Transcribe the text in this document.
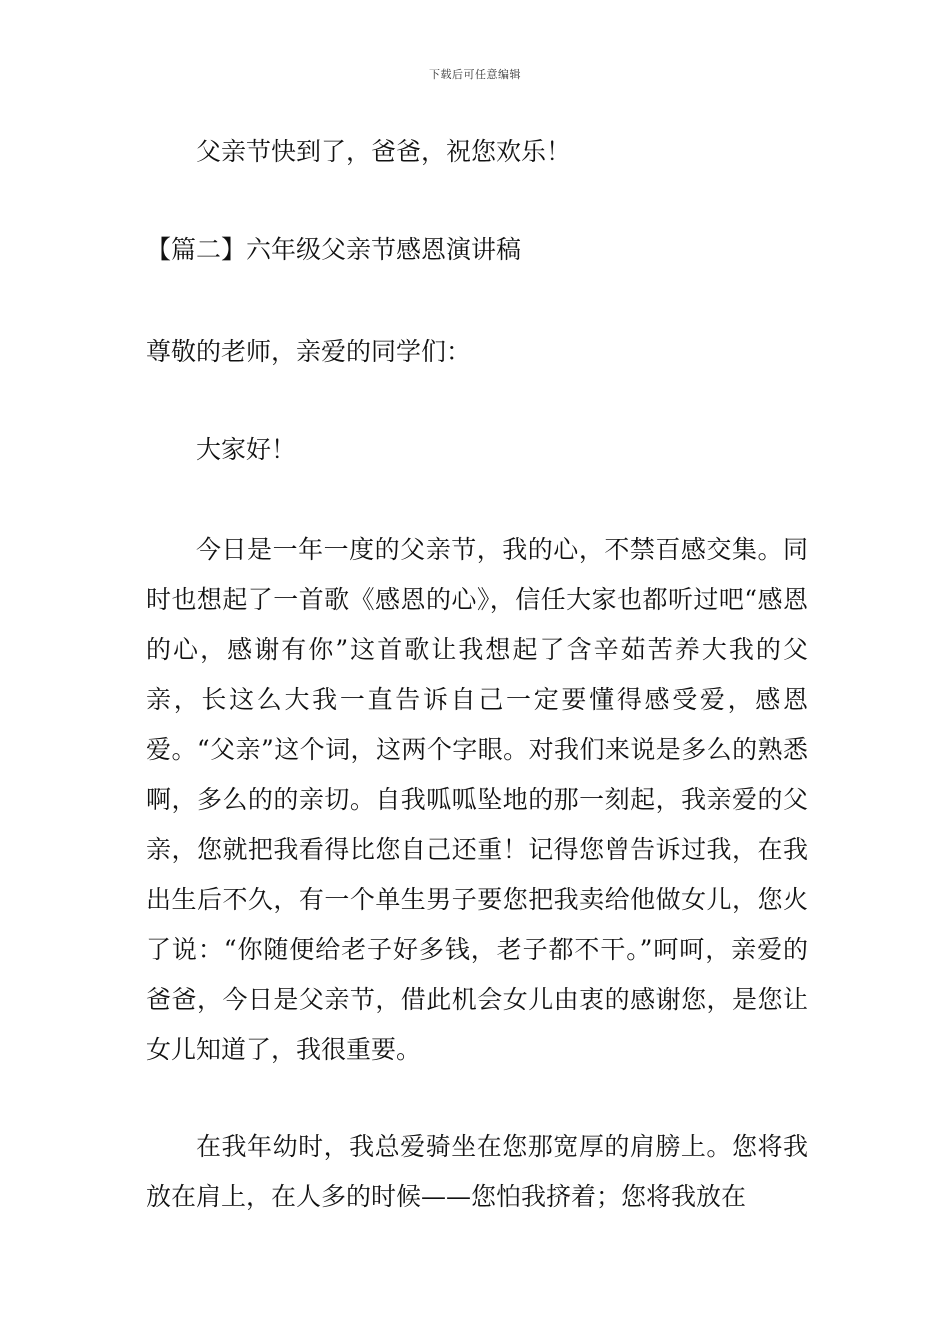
下载后可任意编辑

父亲节快到了，爸爸，祝您欢乐！

【篇二】六年级父亲节感恩演讲稿

尊敬的老师，亲爱的同学们：

大家好！

今日是一年一度的父亲节，我的心，不禁百感交集。同时也想起了一首歌《感恩的心》，信任大家也都听过吧“感恩的心，感谢有你”这首歌让我想起了含辛茹苦养大我的父亲，长这么大我一直告诉自己一定要懂得感受爱，感恩爱。“父亲”这个词，这两个字眼。对我们来说是多么的熟悉啊，多么的的亲切。自我呱呱坠地的那一刻起，我亲爱的父亲，您就把我看得比您自己还重！记得您曾告诉过我，在我出生后不久，有一个单生男子要您把我卖给他做女儿，您火了说：“你随便给老子好多钱，老子都不干。”呵呵，亲爱的爸爸，今日是父亲节，借此机会女儿由衷的感谢您，是您让女儿知道了，我很重要。

在我年幼时，我总爱骑坐在您那宽厚的肩膀上。您将我放在肩上，在人多的时候——您怕我挤着；您将我放在
